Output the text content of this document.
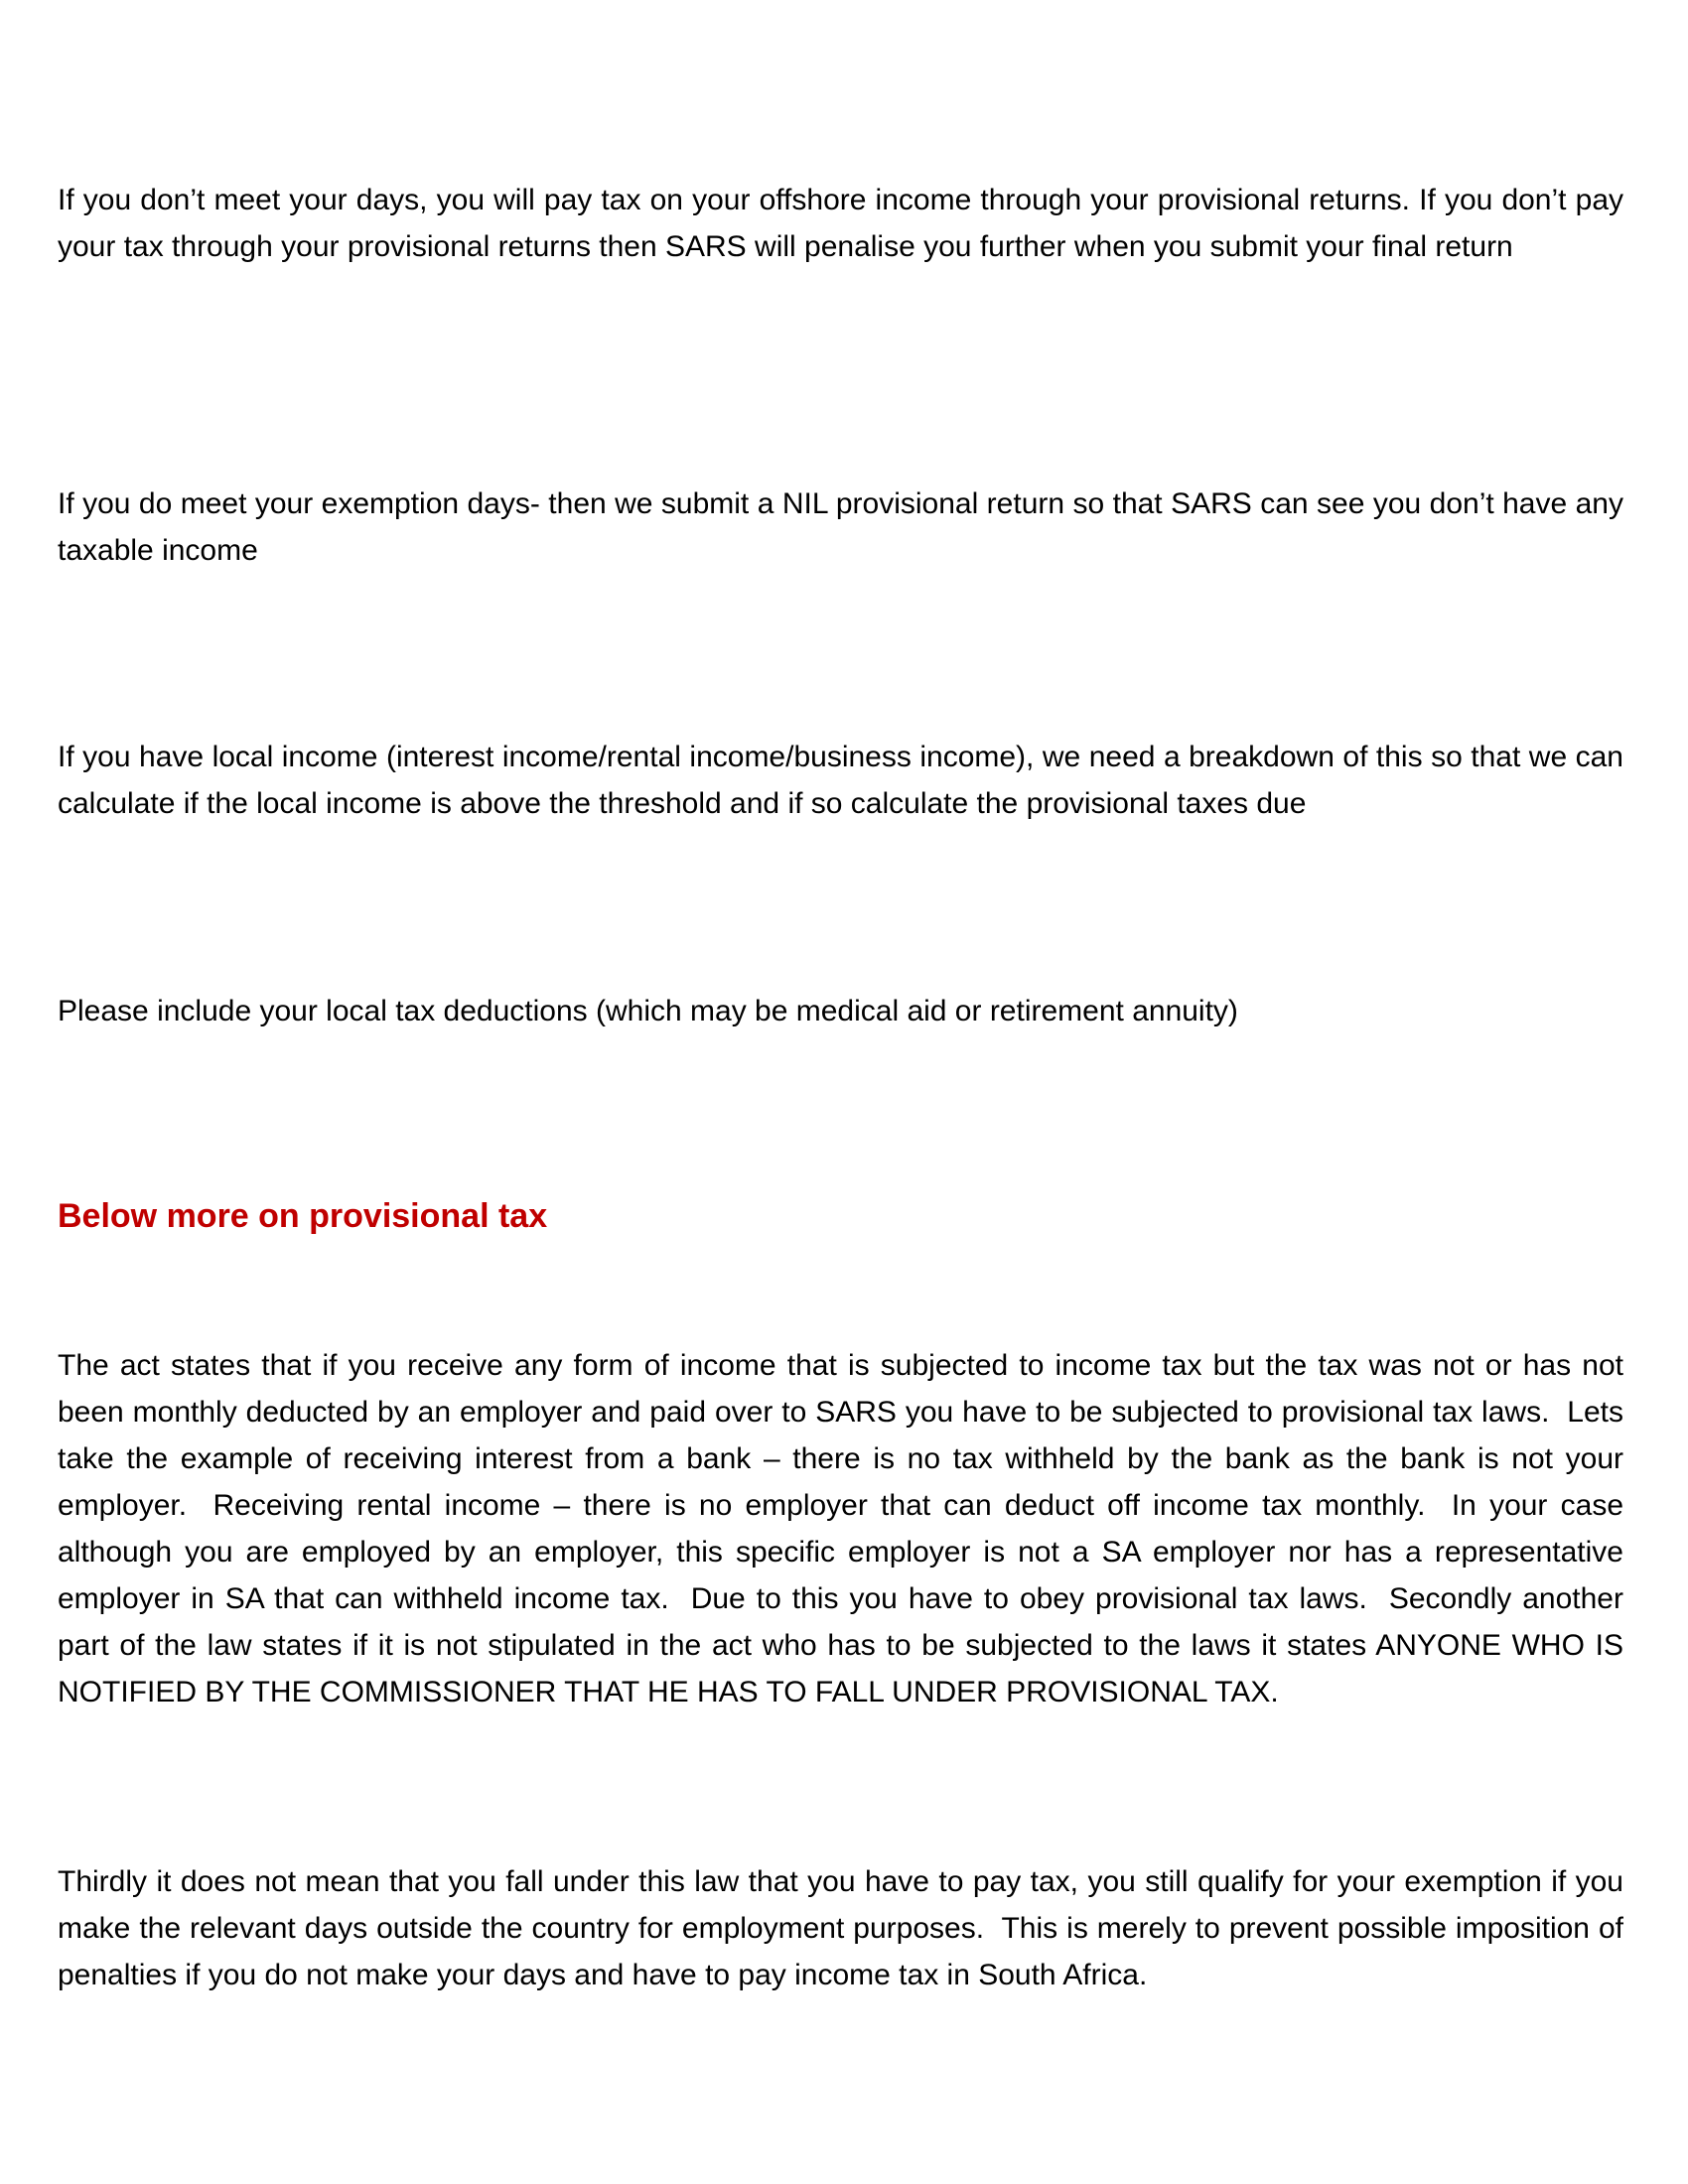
If you don’t meet your days, you will pay tax on your offshore income through your provisional returns. If you don’t pay your tax through your provisional returns then SARS will penalise you further when you submit your final return

If you do meet your exemption days- then we submit a NIL provisional return so that SARS can see you don’t have any taxable income

If you have local income (interest income/rental income/business income), we need a breakdown of this so that we can calculate if the local income is above the threshold and if so calculate the provisional taxes due

Please include your local tax deductions (which may be medical aid or retirement annuity)

Below more on provisional tax

The act states that if you receive any form of income that is subjected to income tax but the tax was not or has not been monthly deducted by an employer and paid over to SARS you have to be subjected to provisional tax laws.  Lets take the example of receiving interest from a bank – there is no tax withheld by the bank as the bank is not your employer.  Receiving rental income – there is no employer that can deduct off income tax monthly.  In your case although you are employed by an employer, this specific employer is not a SA employer nor has a representative employer in SA that can withheld income tax.  Due to this you have to obey provisional tax laws.  Secondly another part of the law states if it is not stipulated in the act who has to be subjected to the laws it states ANYONE WHO IS NOTIFIED BY THE COMMISSIONER THAT HE HAS TO FALL UNDER PROVISIONAL TAX.

Thirdly it does not mean that you fall under this law that you have to pay tax, you still qualify for your exemption if you make the relevant days outside the country for employment purposes.  This is merely to prevent possible imposition of penalties if you do not make your days and have to pay income tax in South Africa.
